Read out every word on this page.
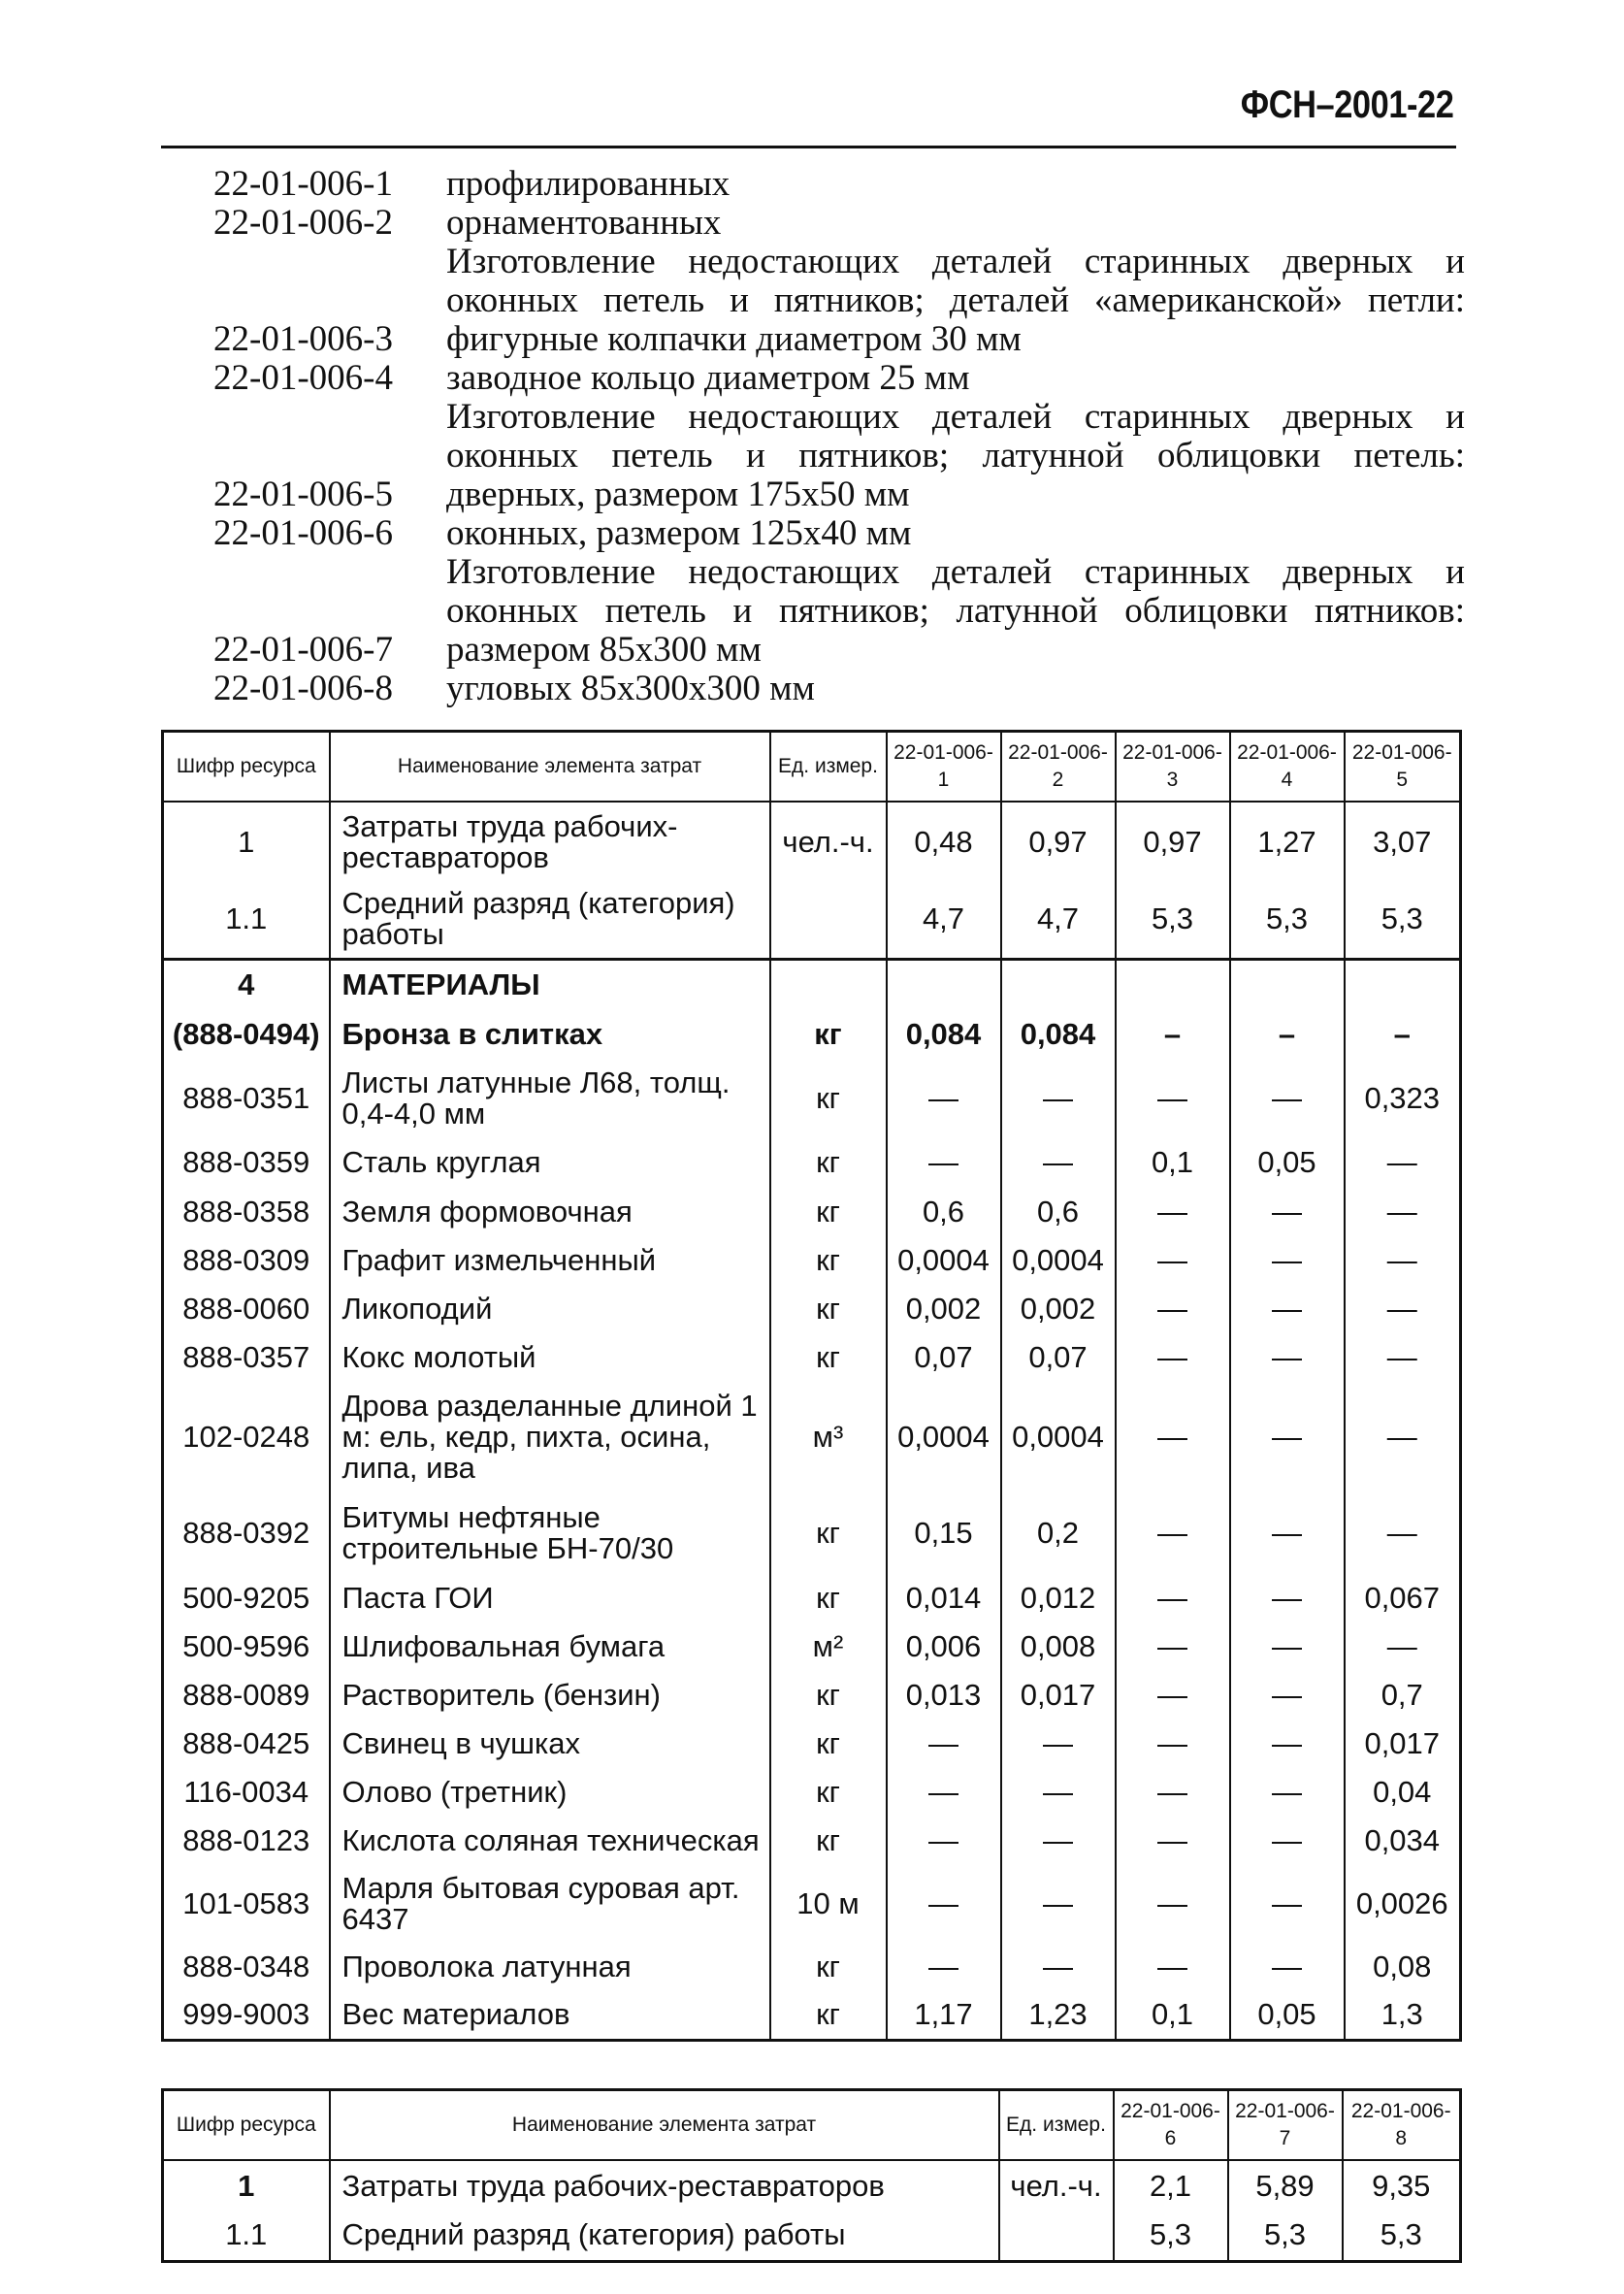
ФСН–2001-22
22-01-006-1	профилированных
22-01-006-2	орнаментованных
Изготовление недостающих деталей старинных дверных и
оконных петель и пятников; деталей «американской» петли:
22-01-006-3	фигурные колпачки диаметром 30 мм
22-01-006-4	заводное кольцо диаметром 25 мм
Изготовление недостающих деталей старинных дверных и
оконных петель и пятников; латунной облицовки петель:
22-01-006-5	дверных, размером 175x50 мм
22-01-006-6	оконных, размером 125x40 мм
Изготовление недостающих деталей старинных дверных и
оконных петель и пятников; латунной облицовки пятников:
22-01-006-7	размером 85x300 мм
22-01-006-8	угловых 85x300x300 мм
Шифр ресурса	Наименование элемента затрат	Ед. измер.	22-01-006-1	22-01-006-2	22-01-006-3	22-01-006-4	22-01-006-5
1	Затраты труда рабочих-реставраторов	чел.-ч.	0,48	0,97	0,97	1,27	3,07
1.1	Средний разряд (категория) работы		4,7	4,7	5,3	5,3	5,3
4	МАТЕРИАЛЫ						
(888-0494)	Бронза в слитках	кг	0,084	0,084	–	–	–
888-0351	Листы латунные Л68, толщ. 0,4-4,0 мм	кг	—	—	—	—	0,323
888-0359	Сталь круглая	кг	—	—	0,1	0,05	—
888-0358	Земля формовочная	кг	0,6	0,6	—	—	—
888-0309	Графит измельченный	кг	0,0004	0,0004	—	—	—
888-0060	Ликоподий	кг	0,002	0,002	—	—	—
888-0357	Кокс молотый	кг	0,07	0,07	—	—	—
102-0248	Дрова разделанные длиной 1 м: ель, кедр, пихта, осина, липа, ива	м³	0,0004	0,0004	—	—	—
888-0392	Битумы нефтяные строительные БН-70/30	кг	0,15	0,2	—	—	—
500-9205	Паста ГОИ	кг	0,014	0,012	—	—	0,067
500-9596	Шлифовальная бумага	м²	0,006	0,008	—	—	—
888-0089	Растворитель (бензин)	кг	0,013	0,017	—	—	0,7
888-0425	Свинец в чушках	кг	—	—	—	—	0,017
116-0034	Олово (третник)	кг	—	—	—	—	0,04
888-0123	Кислота соляная техническая	кг	—	—	—	—	0,034
101-0583	Марля бытовая суровая арт. 6437	10 м	—	—	—	—	0,0026
888-0348	Проволока латунная	кг	—	—	—	—	0,08
999-9003	Вес материалов	кг	1,17	1,23	0,1	0,05	1,3
Шифр ресурса	Наименование элемента затрат	Ед. измер.	22-01-006-6	22-01-006-7	22-01-006-8
1	Затраты труда рабочих-реставраторов	чел.-ч.	2,1	5,89	9,35
1.1	Средний разряд (категория) работы		5,3	5,3	5,3
